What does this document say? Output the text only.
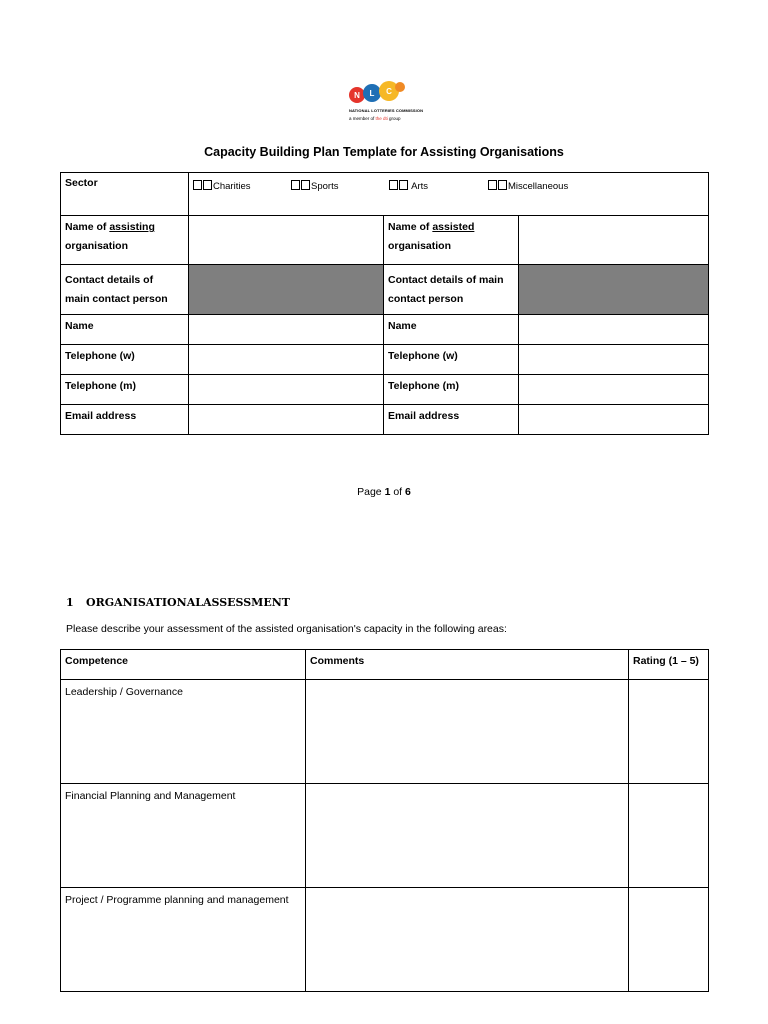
N L C
NATIONAL LOTTERIES COMMISSION
a member of the dti group
Capacity Building Plan Template for Assisting Organisations
Sector	Charities Sports Arts Miscellaneous		

Name of assisting
organisation		Name of assisted
organisation	

Contact details of
main contact person		Contact details of main
contact person	

Name		Name	

Telephone (w)		Telephone (w)	

Telephone (m)		Telephone (m)	

Email address		Email address	

Page 1 of 6
1 ORGANISATIONALASSESSMENT
Please describe your assessment of the assisted organisation's capacity in the following areas:
Competence	Comments	Rating (1 – 5)

Leadership / Governance		

Financial Planning and Management		

Project / Programme planning and management		
